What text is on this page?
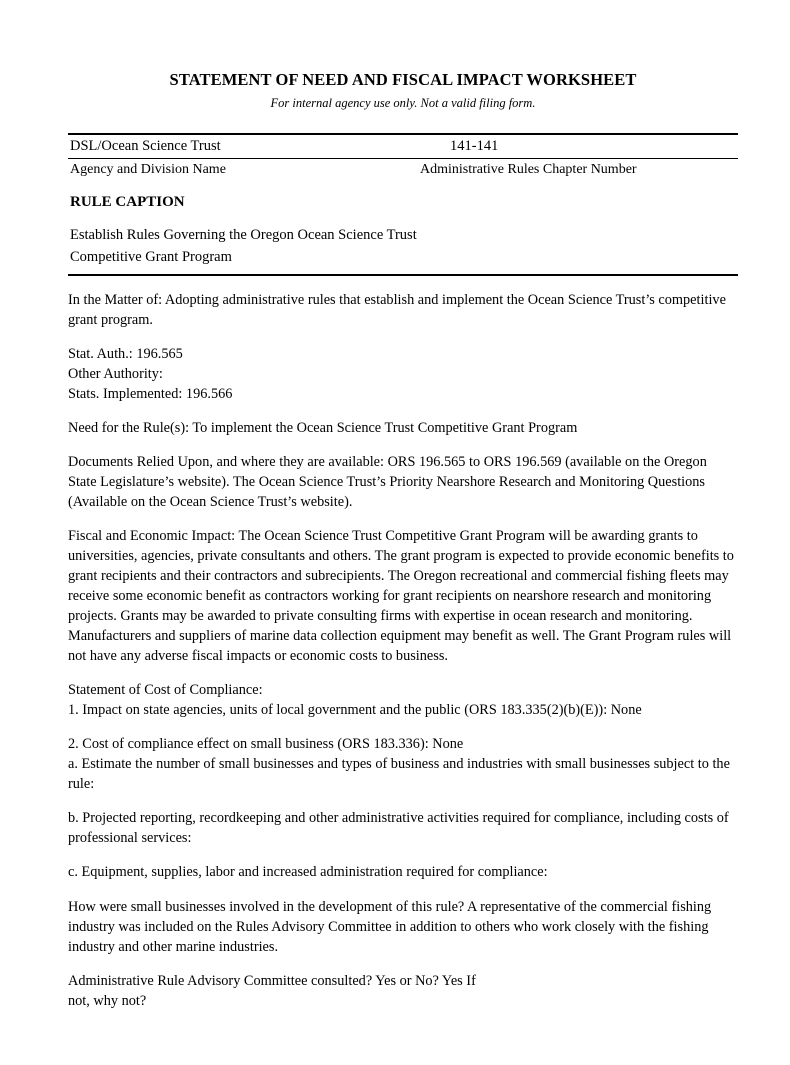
STATEMENT OF NEED AND FISCAL IMPACT WORKSHEET
For internal agency use only. Not a valid filing form.
DSL/Ocean Science Trust	141-141
Agency and Division Name	Administrative Rules Chapter Number
RULE CAPTION
Establish Rules Governing the Oregon Ocean Science Trust
Competitive Grant Program

In the Matter of: Adopting administrative rules that establish and implement the Ocean Science Trust’s competitive grant program.

Stat. Auth.: 196.565

Other Authority:

Stats. Implemented: 196.566

Need for the Rule(s): To implement the Ocean Science Trust Competitive Grant Program

Documents Relied Upon, and where they are available: ORS 196.565 to ORS 196.569 (available on the Oregon State Legislature’s website). The Ocean Science Trust’s Priority Nearshore Research and Monitoring Questions (Available on the Ocean Science Trust’s website).

Fiscal and Economic Impact: The Ocean Science Trust Competitive Grant Program will be awarding grants to universities, agencies, private consultants and others. The grant program is expected to provide economic benefits to grant recipients and their contractors and subrecipients. The Oregon recreational and commercial fishing fleets may receive some economic benefit as contractors working for grant recipients on nearshore research and monitoring projects. Grants may be awarded to private consulting firms with expertise in ocean research and monitoring. Manufacturers and suppliers of marine data collection equipment may benefit as well. The Grant Program rules will not have any adverse fiscal impacts or economic costs to business.

Statement of Cost of Compliance:

1. Impact on state agencies, units of local government and the public (ORS 183.335(2)(b)(E)): None

2. Cost of compliance effect on small business (ORS 183.336): None

a. Estimate the number of small businesses and types of business and industries with small businesses subject to the rule:

b. Projected reporting, recordkeeping and other administrative activities required for compliance, including costs of professional services:

c. Equipment, supplies, labor and increased administration required for compliance:

How were small businesses involved in the development of this rule? A representative of the commercial fishing industry was included on the Rules Advisory Committee in addition to others who work closely with the fishing industry and other marine industries.

Administrative Rule Advisory Committee consulted? Yes or No? Yes If

not, why not?
